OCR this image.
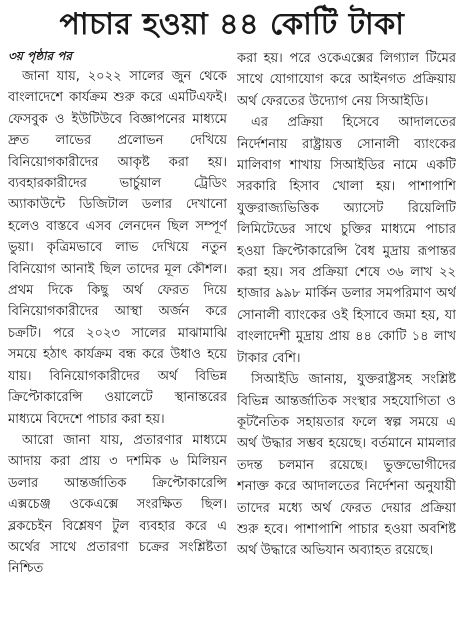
পাচার হওয়া ৪৪ কোটি টাকা
৩য় পৃষ্ঠার পর

জানা যায়, ২০২২ সালের জুন থেকে বাংলাদেশে কার্যক্রম শুরু করে এমটিএফই। ফেসবুক ও ইউটিউবে বিজ্ঞাপনের মাধ্যমে দ্রুত লাভের প্রলোভন দেখিয়ে বিনিয়োগকারীদের আকৃষ্ট করা হয়। ব্যবহারকারীদের ভার্চুয়াল ট্রেডিং অ্যাকাউন্টে ডিজিটাল ডলার দেখানো হলেও বাস্তবে এসব লেনদেন ছিল সম্পূর্ণ ভুয়া। কৃত্রিমভাবে লাভ দেখিয়ে নতুন বিনিয়োগ আনাই ছিল তাদের মূল কৌশল। প্রথম দিকে কিছু অর্থ ফেরত দিয়ে বিনিয়োগকারীদের আস্থা অর্জন করে চক্রটি। পরে ২০২৩ সালের মাঝামাঝি সময়ে হঠাৎ কার্যক্রম বন্ধ করে উধাও হয়ে যায়। বিনিয়োগকারীদের অর্থ বিভিন্ন ক্রিপ্টোকারেন্সি ওয়ালেটে স্থানান্তরের মাধ্যমে বিদেশে পাচার করা হয়।

আরো জানা যায়, প্রতারণার মাধ্যমে আদায় করা প্রায় ৩ দশমিক ৬ মিলিয়ন ডলার আন্তর্জাতিক ক্রিপ্টোকারেন্সি এক্সচেঞ্জ ওকেএক্সে সংরক্ষিত ছিল। ব্লকচেইন বিশ্লেষণ টুল ব্যবহার করে এ অর্থের সাথে প্রতারণা চক্রের সংশ্লিষ্টতা নিশ্চিত

করা হয়। পরে ওকেএক্সের লিগ্যাল টিমের সাথে যোগাযোগ করে আইনগত প্রক্রিয়ায় অর্থ ফেরতের উদ্যোগ নেয় সিআইডি।

এর প্রক্রিয়া হিসেবে আদালতের নির্দেশনায় রাষ্ট্রায়ত্ত সোনালী ব্যাংকের মালিবাগ শাখায় সিআইডির নামে একটি সরকারি হিসাব খোলা হয়। পাশাপাশি যুক্তরাজ্যভিত্তিক অ্যাসেট রিয়েলিটি লিমিটেডের সাথে চুক্তির মাধ্যমে পাচার হওয়া ক্রিপ্টোকারেন্সি বৈধ মুদ্রায় রূপান্তর করা হয়। সব প্রক্রিয়া শেষে ৩৬ লাখ ২২ হাজার ৯৯৮ মার্কিন ডলার সমপরিমাণ অর্থ সোনালী ব্যাংকের ওই হিসাবে জমা হয়, যা বাংলাদেশী মুদ্রায় প্রায় ৪৪ কোটি ১৪ লাখ টাকার বেশি।

সিআইডি জানায়, যুক্তরাষ্ট্রসহ সংশ্লিষ্ট বিভিন্ন আন্তর্জাতিক সংস্থার সহযোগিতা ও কূটনৈতিক সহায়তার ফলে স্বল্প সময়ে এ অর্থ উদ্ধার সম্ভব হয়েছে। বর্তমানে মামলার তদন্ত চলমান রয়েছে। ভুক্তভোগীদের শনাক্ত করে আদালতের নির্দেশনা অনুযায়ী তাদের মধ্যে অর্থ ফেরত দেয়ার প্রক্রিয়া শুরু হবে। পাশাপাশি পাচার হওয়া অবশিষ্ট অর্থ উদ্ধারে অভিযান অব্যাহত রয়েছে।
